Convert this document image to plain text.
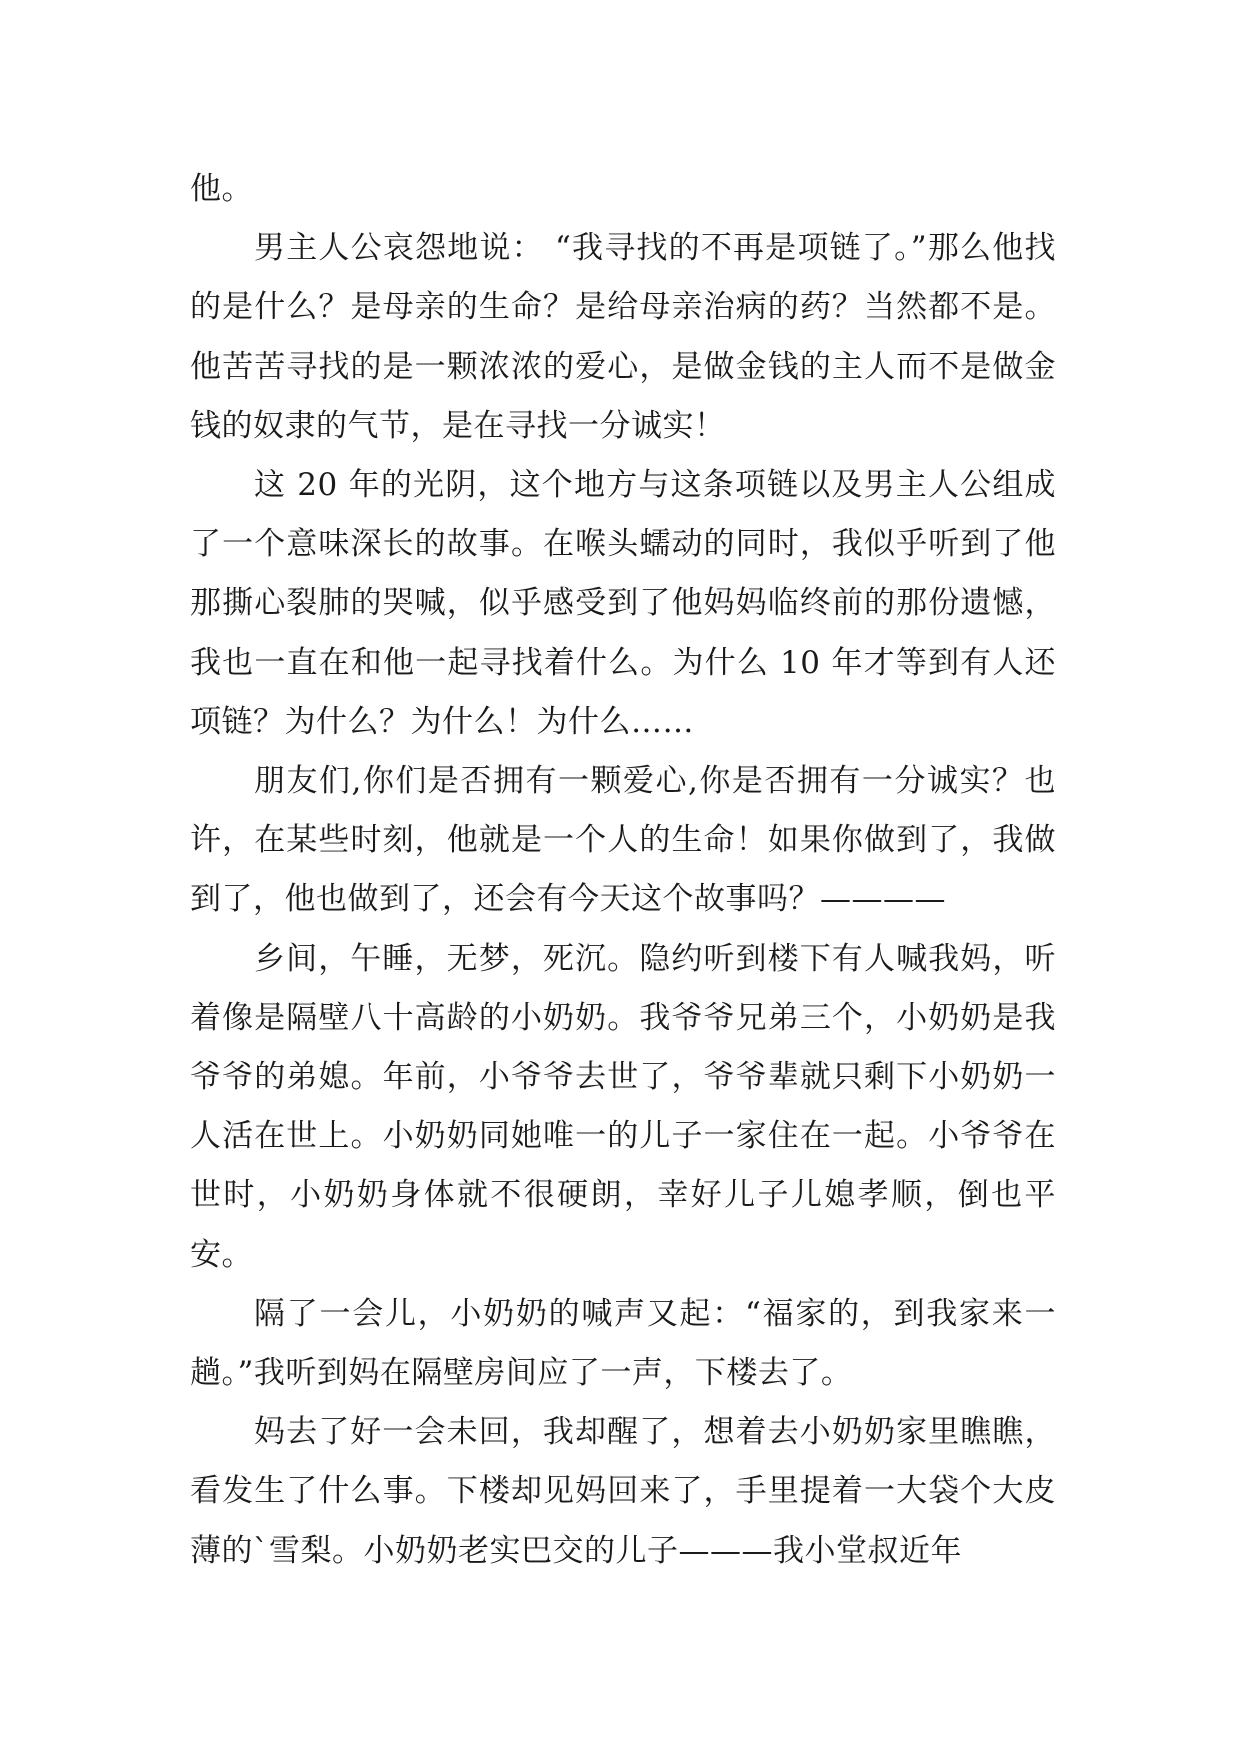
他。

男主人公哀怨地说： “我寻找的不再是项链了。”那么他找的是什么？是母亲的生命？是给母亲治病的药？当然都不是。他苦苦寻找的是一颗浓浓的爱心，是做金钱的主人而不是做金钱的奴隶的气节，是在寻找一分诚实！

这 20 年的光阴，这个地方与这条项链以及男主人公组成了一个意味深长的故事。在喉头蠕动的同时，我似乎听到了他那撕心裂肺的哭喊，似乎感受到了他妈妈临终前的那份遗憾，我也一直在和他一起寻找着什么。为什么 10 年才等到有人还项链？为什么？为什么！为什么……

朋友们,你们是否拥有一颗爱心,你是否拥有一分诚实？也许，在某些时刻，他就是一个人的生命！如果你做到了，我做到了，他也做到了，还会有今天这个故事吗？————

乡间，午睡，无梦，死沉。隐约听到楼下有人喊我妈，听着像是隔壁八十高龄的小奶奶。我爷爷兄弟三个，小奶奶是我爷爷的弟媳。年前，小爷爷去世了，爷爷辈就只剩下小奶奶一人活在世上。小奶奶同她唯一的儿子一家住在一起。小爷爷在世时，小奶奶身体就不很硬朗，幸好儿子儿媳孝顺，倒也平安。

隔了一会儿，小奶奶的喊声又起：“福家的，到我家来一趟。”我听到妈在隔壁房间应了一声，下楼去了。

妈去了好一会未回，我却醒了，想着去小奶奶家里瞧瞧，看发生了什么事。下楼却见妈回来了，手里提着一大袋个大皮薄的`雪梨。小奶奶老实巴交的儿子———我小堂叔近年
